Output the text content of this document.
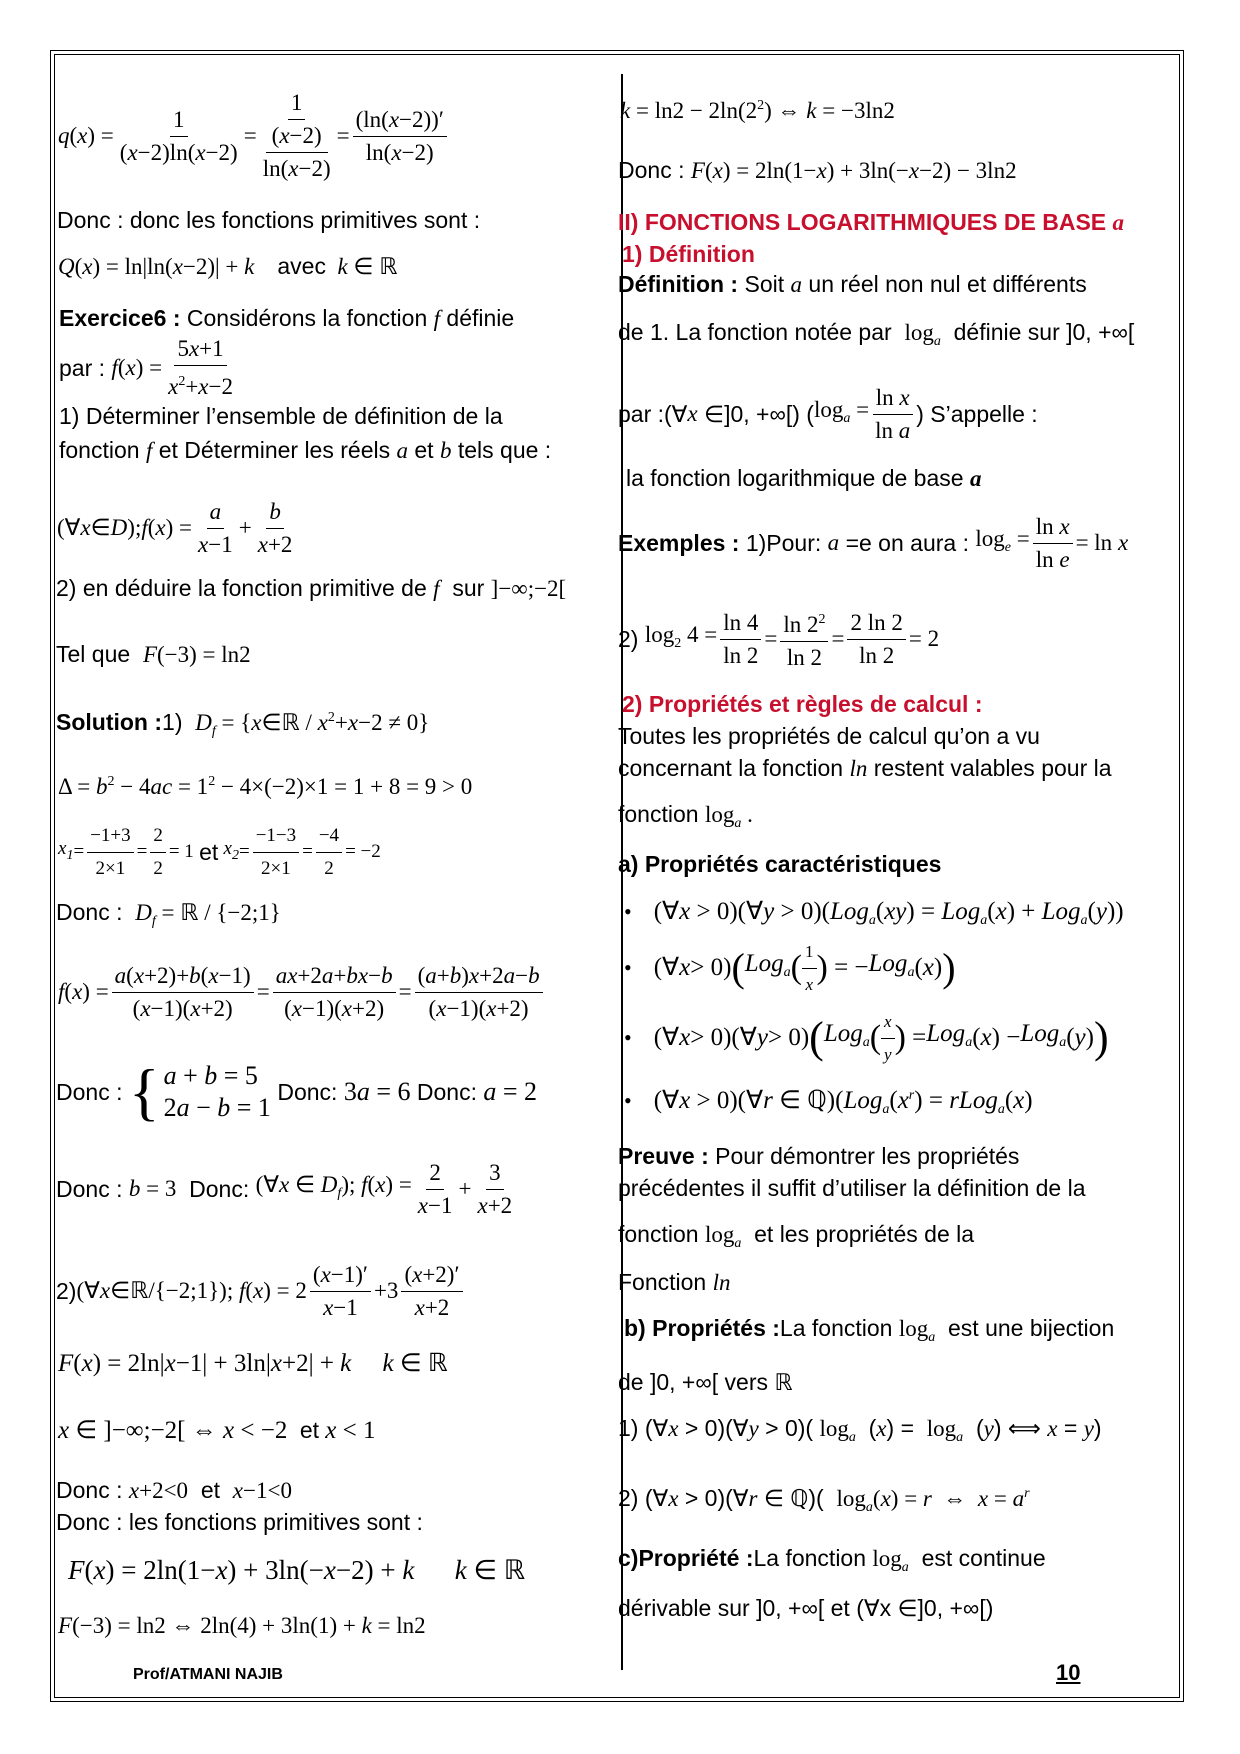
q ( x ) = $\frac{1}{(x-2)\ln(x-2)} = \frac{\frac{1}{(x-2)}}{\ln(x-2)} = \frac{(\ln(x-2))'}{\ln(x-2)}$
Donc : donc les fonctions primitives sont :
Q(x) = ln|ln(x−2)| + k avec k ∈ ℝ
Exercice6 : Considérons la fonction f définie
par :
$f(x) = \frac{5x+1}{x^2+x-2}$
1) Déterminer l’ensemble de définition de la
fonction f et Déterminer les réels a et b tels que :
(∀ x ∈ D ); f ( x ) = $\frac{a}{x-1} + \frac{b}{x+2}$
2) en déduire la fonction primitive de f sur ]−∞;−2[
Tel que F(−3) = ln2
Solution :1) $D_f$ = {x∈ℝ / $x^2+x-2 \ne 0$}
$\Delta = b^2 - 4ac = 1^2 - 4\times(-2)\times 1 = 1 + 8 = 9 > 0$
$x_1 = \frac{-1+3}{2\times 1} = \frac{2}{2} = 1$
et
$x_2 = \frac{-1-3}{2\times 1} = \frac{-4}{2} = -2$
Donc : $D_f$ = ℝ / {−2;1}
$f(x) = \frac{a(x+2)+b(x-1)}{(x-1)(x+2)} = \frac{ax+2a+bx-b}{(x-1)(x+2)} = \frac{(a+b)x+2a-b}{(x-1)(x+2)}$
Donc :
{ a + b = 5
2a − b = 1

Donc:
3a = 6
Donc:
a = 2
Donc :
b = 3
Donc:
(∀x ∈ $D_f$); $f(x) = \frac{2}{x-1} + \frac{3}{x+2}$
2) (∀x∈ℝ/{−2;1}); $f(x) = 2 \frac{(x-1)'}{x-1} +3 \frac{(x+2)'}{x+2}$
F(x) = 2ln|x−1| + 3ln|x+2| + k k ∈ ℝ
x ∈ ]−∞;−2[ ⇔ x < −2  et x < 1
Donc : x+2<0 et x−1<0
Donc : les fonctions primitives sont :
F(x) = 2ln(1−x) + 3ln(−x−2) + k k ∈ ℝ
F(−3) = ln2 ⇔ 2ln(4) + 3ln(1) + k = ln2
$k = \ln 2 - 2\ln(2^2)$ ⇔ k = −3ln2
Donc : F(x) = 2ln(1−x) + 3ln(−x−2) − 3ln2
II) FONCTIONS LOGARITHMIQUES DE BASE a
1) Définition
Définition : Soit a un réel non nul et différents
de 1. La fonction notée par $\log_a$ définie sur ]0, +∞[
par :(∀ x
∈]0, +∞[) ( $\log_a = \frac{\text{ln x}}{\text{ln a}}$ ) S’appelle :
la fonction logarithmique de base a
Exemples :
1)Pour:
a
=e on aura :
$\log_e = \frac{\text{ln x}}{\text{ln e}} = \ln x$
2)
$\log_2 4 = \frac{\ln 4}{\ln 2} = \frac{\ln 2^2}{\ln 2} = \frac{2 \ln 2}{\ln 2} = 2$
2) Propriétés et règles de calcul :
Toutes les propriétés de calcul qu’on a vu
concernant la fonction ln restent valables pour la
fonction $\log_a$ .
a) Propriétés caractéristiques
• (∀x > 0)(∀y > 0)(Log$_a$(xy) = Log$_a$(x) + Log$_a$(y))
• (∀ x > 0) ( Log$_a$ ( $\frac{1}{x}$ ) = − Log$_a$ ( x ) )
• (∀ x > 0)(∀ y > 0) ( Log$_a$ ( $\frac{x}{y}$ ) = Log$_a$ ( x ) − Log$_a$ ( y ) )
• (∀x > 0)(∀r ∈ $ℚ)(Log_a(x^r)$ = rLog$_a$(x)
Preuve : Pour démontrer les propriétés
précédentes il suffit d’utiliser la définition de la
fonction $\log_a$ et les propriétés de la
Fonction ln
b) Propriétés :La fonction $\log_a$ est une bijection
de ]0, +∞[ vers ℝ
1) (∀x > 0)(∀y > 0)( $\log_a (x) = \log_a (y)$ ⟺ x = y)
2) (∀x > 0)(∀r ∈ ℚ)(  $\log_a(x) = r$  ⇔  $x = a^r$
c)Propriété :La fonction $\log_a$ est continue
dérivable sur ]0, +∞[ et (∀x ∈]0, +∞[)
Prof/ATMANI NAJIB	10
